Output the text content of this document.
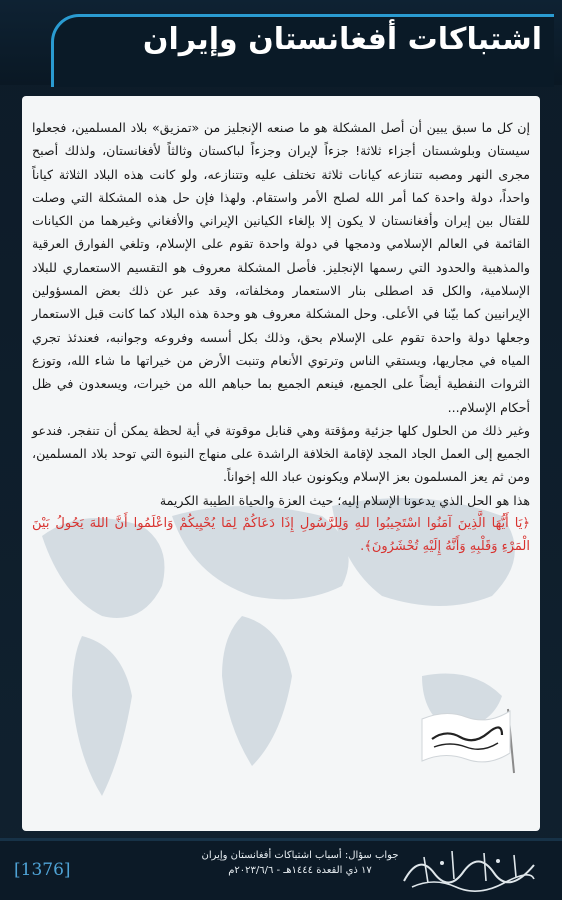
اشتباكات أفغانستان وإيران

إن كل ما سبق يبين أن أصل المشكلة هو ما صنعه الإنجليز من «تمزيق» بلاد المسلمين، فجعلوا سيستان وبلوشستان أجزاء ثلاثة! جزءاً لإيران وجزءاً لباكستان وثالثاً لأفغانستان، ولذلك أصبح مجرى النهر ومصبه تتنازعه كيانات ثلاثة تختلف عليه وتتنازعه، ولو كانت هذه البلاد الثلاثة كياناً واحداً، دولة واحدة كما أمر الله لصلح الأمر واستقام. ولهذا فإن حل هذه المشكلة التي وصلت للقتال بين إيران وأفغانستان لا يكون إلا بإلغاء الكيانين الإيراني والأفغاني وغيرهما من الكيانات القائمة في العالم الإسلامي ودمجها في دولة واحدة تقوم على الإسلام، وتلغي الفوارق العرقية والمذهبية والحدود التي رسمها الإنجليز. فأصل المشكلة معروف هو التقسيم الاستعماري للبلاد الإسلامية، والكل قد اصطلى بنار الاستعمار ومخلفاته، وقد عبر عن ذلك بعض المسؤولين الإيرانيين كما بيّنا في الأعلى. وحل المشكلة معروف هو وحدة هذه البلاد كما كانت قبل الاستعمار وجعلها دولة واحدة تقوم على الإسلام بحق، وذلك بكل أسسه وفروعه وجوانبه، فعندئذ تجري المياه في مجاريها، ويستقي الناس وترتوي الأنعام وتنبت الأرض من خيراتها ما شاء الله، وتوزع الثروات النفطية أيضاً على الجميع، فينعم الجميع بما حباهم الله من خيرات، ويسعدون في ظل أحكام الإسلام...

وغير ذلك من الحلول كلها جزئية ومؤقتة وهي قنابل موقوتة في أية لحظة يمكن أن تنفجر. فندعو الجميع إلى العمل الجاد المجد لإقامة الخلافة الراشدة على منهاج النبوة التي توحد بلاد المسلمين، ومن ثم يعز المسلمون بعز الإسلام ويكونون عباد الله إخواناً.

هذا هو الحل الذي يدعونا الإسلام إليه؛ حيث العزة والحياة الطيبة الكريمة

﴿يَا أَيُّهَا الَّذِينَ آمَنُوا اسْتَجِيبُوا للهِ وَلِلرَّسُولِ إِذَا دَعَاكُمْ لِمَا يُحْيِيكُمْ وَاعْلَمُوا أَنَّ اللهَ يَحُولُ بَيْنَ الْمَرْءِ وَقَلْبِهِ وَأَنَّهُ إِلَيْهِ تُحْشَرُونَ﴾.

[1376]
جواب سؤال: أسباب اشتباكات أفغانستان وإيران
١٧ ذي القعدة ١٤٤٤هـ - ٢٠٢٣/٦/٦م
